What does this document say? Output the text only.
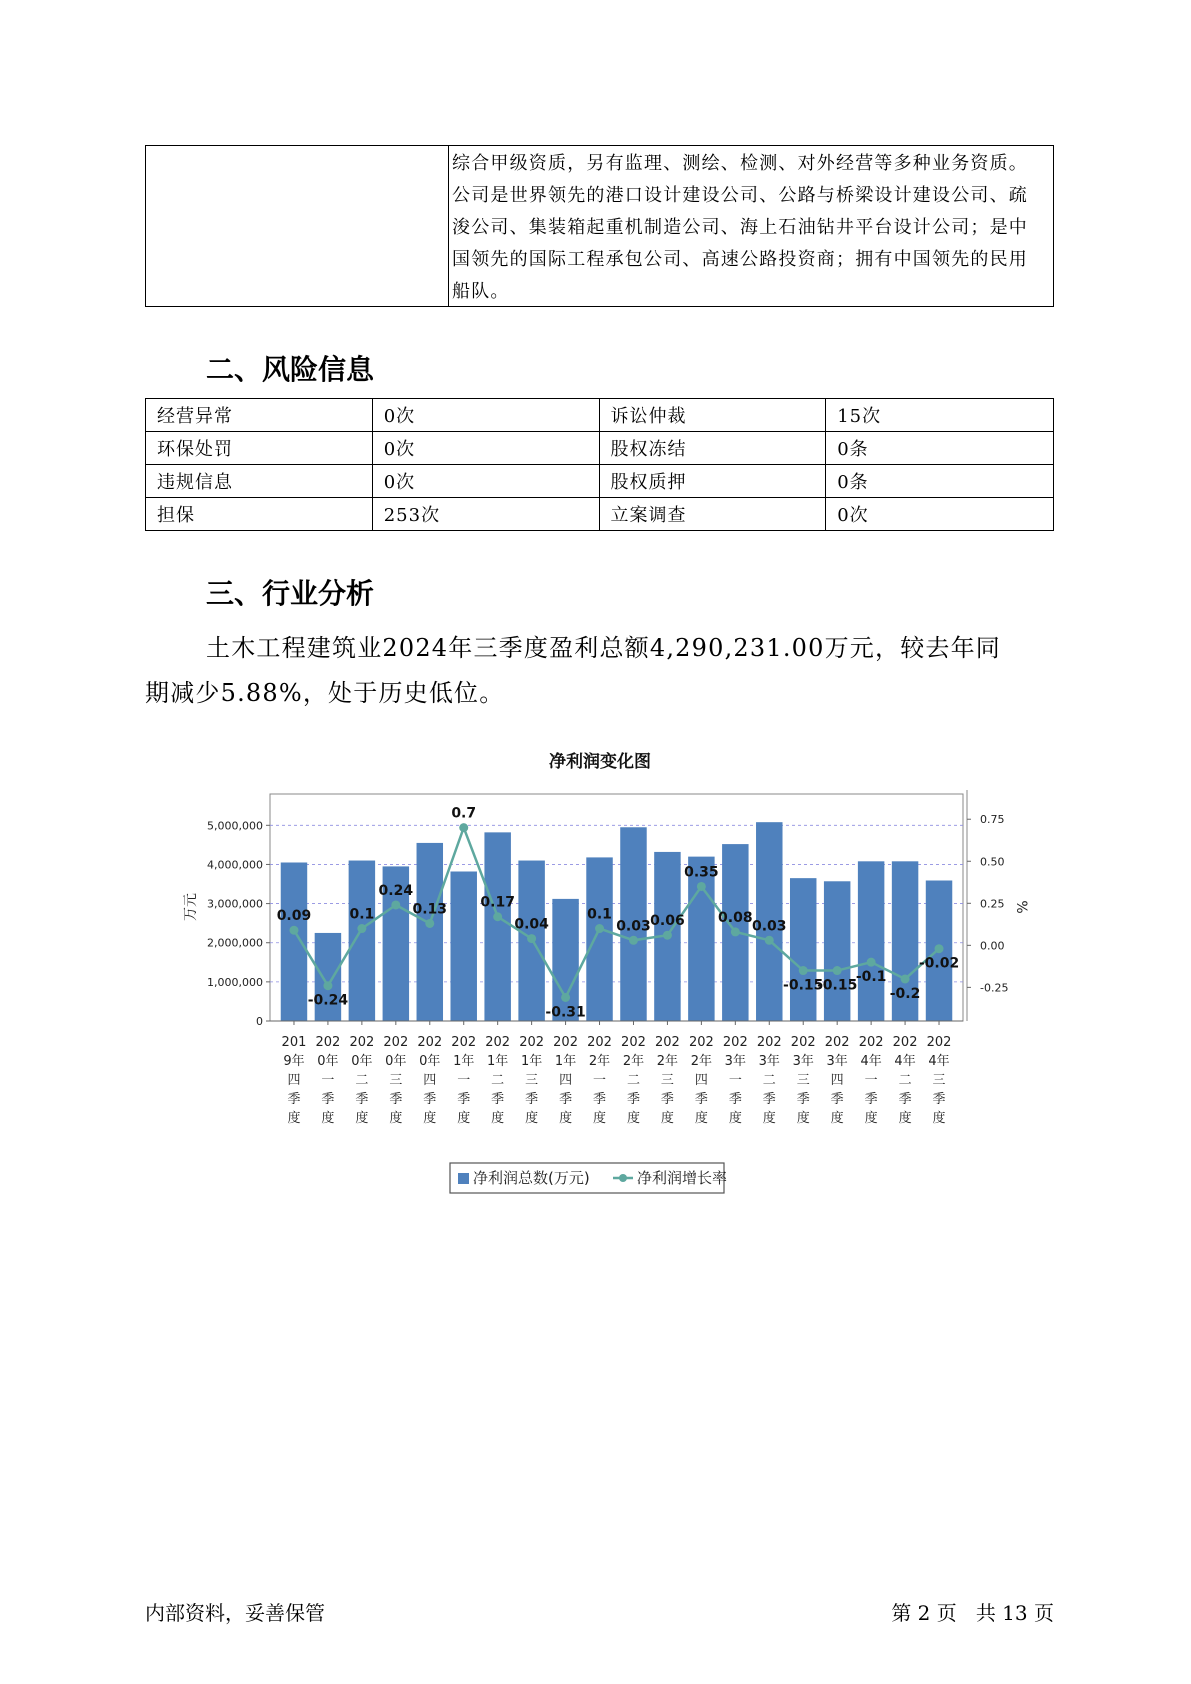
综合甲级资质，另有监理、测绘、检测、对外经营等多种业务资质。
公司是世界领先的港口设计建设公司、公路与桥梁设计建设公司、疏
浚公司、集装箱起重机制造公司、海上石油钻井平台设计公司；是中
国领先的国际工程承包公司、高速公路投资商；拥有中国领先的民用
船队。
二、风险信息
经营异常	0次	诉讼仲裁	15次
环保处罚	0次	股权冻结	0条
违规信息	0次	股权质押	0条
担保	253次	立案调查	0次
三、行业分析
土木工程建筑业2024年三季度盈利总额4,290,231.00万元，较去年同
期减少5.88%，处于历史低位。
净利润变化图
0
1,000,000
2,000,000
3,000,000
4,000,000
5,000,000
-0.25
0.00
0.25
0.50
0.75
万元	%
0.09
-0.24
0.1
0.24
0.13
0.7
0.17
0.04
-0.31
0.1
0.03 0.06
0.35
0.08
0.03
-0.15
-0.15
-0.1
-0.2
-0.02
201 9年四季度
202 0年一季度
202 0年二季度
202 0年三季度
202 0年四季度
202 1年一季度
202 1年二季度
202 1年三季度
202 1年四季度
202 2年一季度
202 2年二季度
202 2年三季度
202 2年四季度
202 3年一季度
202 3年二季度
202 3年三季度
202 3年四季度
202 4年一季度
202 4年二季度
202 4年三季度
净利润总数(万元)	净利润增长率
内部资料，妥善保管	第 2 页   共 13 页
